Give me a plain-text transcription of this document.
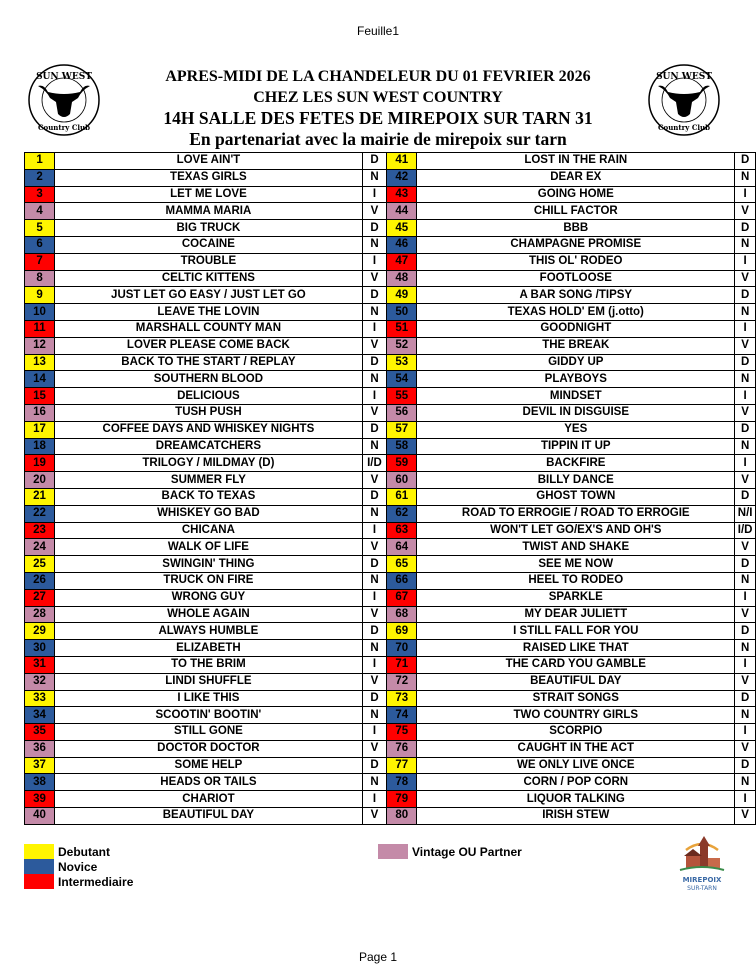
Feuille1
SUN WEST
Country Club
SUN WEST
Country Club
APRES-MIDI DE LA CHANDELEUR DU 01 FEVRIER 2026
CHEZ LES SUN WEST COUNTRY
14H SALLE DES FETES DE MIREPOIX SUR TARN 31
En partenariat avec la mairie de mirepoix sur tarn
1	LOVE AIN'T	D	41	LOST IN THE RAIN	D
2	TEXAS GIRLS	N	42	DEAR EX	N
3	LET ME LOVE	I	43	GOING HOME	I
4	MAMMA MARIA	V	44	CHILL FACTOR	V
5	BIG TRUCK	D	45	BBB	D
6	COCAINE	N	46	CHAMPAGNE PROMISE	N
7	TROUBLE	I	47	THIS OL' RODEO	I
8	CELTIC KITTENS	V	48	FOOTLOOSE	V
9	JUST LET GO EASY / JUST LET GO	D	49	A BAR SONG /TIPSY	D
10	LEAVE THE LOVIN	N	50	TEXAS HOLD' EM (j.otto)	N
11	MARSHALL COUNTY MAN	I	51	GOODNIGHT	I
12	LOVER PLEASE COME BACK	V	52	THE BREAK	V
13	BACK TO THE START / REPLAY	D	53	GIDDY UP	D
14	SOUTHERN BLOOD	N	54	PLAYBOYS	N
15	DELICIOUS	I	55	MINDSET	I
16	TUSH PUSH	V	56	DEVIL IN DISGUISE	V
17	COFFEE DAYS AND WHISKEY NIGHTS	D	57	YES	D
18	DREAMCATCHERS	N	58	TIPPIN IT UP	N
19	TRILOGY / MILDMAY (D)	I/D	59	BACKFIRE	I
20	SUMMER FLY	V	60	BILLY DANCE	V
21	BACK TO TEXAS	D	61	GHOST TOWN	D
22	WHISKEY GO BAD	N	62	ROAD TO ERROGIE / ROAD TO ERROGIE	N/I
23	CHICANA	I	63	WON'T LET GO/EX'S AND OH'S	I/D
24	WALK OF LIFE	V	64	TWIST AND SHAKE	V
25	SWINGIN' THING	D	65	SEE ME NOW	D
26	TRUCK ON FIRE	N	66	HEEL TO RODEO	N
27	WRONG GUY	I	67	SPARKLE	I
28	WHOLE AGAIN	V	68	MY DEAR JULIETT	V
29	ALWAYS HUMBLE	D	69	I STILL FALL FOR YOU	D
30	ELIZABETH	N	70	RAISED LIKE THAT	N
31	TO THE BRIM	I	71	THE CARD YOU GAMBLE	I
32	LINDI SHUFFLE	V	72	BEAUTIFUL DAY	V
33	I LIKE THIS	D	73	STRAIT SONGS	D
34	SCOOTIN' BOOTIN'	N	74	TWO COUNTRY GIRLS	N
35	STILL GONE	I	75	SCORPIO	I
36	DOCTOR DOCTOR	V	76	CAUGHT IN THE ACT	V
37	SOME HELP	D	77	WE ONLY LIVE ONCE	D
38	HEADS OR TAILS	N	78	CORN / POP CORN	N
39	CHARIOT	I	79	LIQUOR TALKING	I
40	BEAUTIFUL DAY	V	80	IRISH STEW	V
Debutant
Novice
Intermediaire
Vintage OU Partner
MIREPOIX
SUR-TARN
Page 1
